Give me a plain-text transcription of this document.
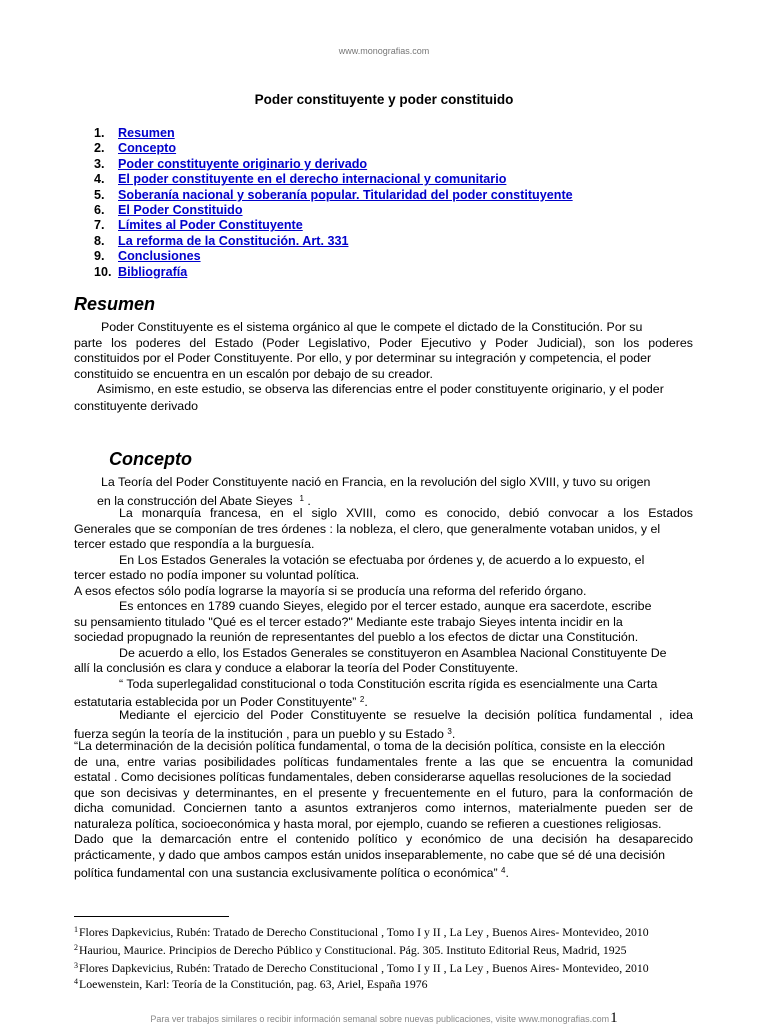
www.monografias.com
Poder constituyente y poder constituido
1. Resumen
2. Concepto
3. Poder constituyente originario y derivado
4. El poder constituyente en el derecho internacional y comunitario
5. Soberanía nacional y soberanía popular. Titularidad del poder constituyente
6. El Poder Constituido
7. Límites al Poder Constituyente
8. La reforma de la Constitución. Art. 331
9. Conclusiones
10. Bibliografía
Resumen
Poder Constituyente es el sistema orgánico al que le compete el dictado de la Constitución. Por su
parte los poderes del Estado (Poder Legislativo, Poder Ejecutivo y Poder Judicial), son los poderes
constituidos por el Poder Constituyente. Por ello, y por determinar su integración y competencia, el poder
constituido se encuentra en un escalón por debajo de su creador.
Asimismo, en este estudio, se observa las diferencias entre el poder constituyente originario, y el poder
constituyente derivado
Concepto
La Teoría del Poder Constituyente nació en Francia, en la revolución del siglo XVIII, y tuvo su origen
en la construcción del Abate Sieyes $^1$ .
La monarquía francesa, en el siglo XVIII, como es conocido, debió convocar a los Estados
Generales que se componían de tres órdenes : la nobleza, el clero, que generalmente votaban unidos, y el
tercer estado que respondía a la burguesía.
En Los Estados Generales la votación se efectuaba por órdenes y, de acuerdo a lo expuesto, el
tercer estado no podía imponer su voluntad política.
A esos efectos sólo podía lograrse la mayoría si se producía una reforma del referido órgano.
Es entonces en 1789 cuando Sieyes, elegido por el tercer estado, aunque era sacerdote, escribe
su pensamiento titulado "Qué es el tercer estado?" Mediante este trabajo Sieyes intenta incidir en la
sociedad propugnado la reunión de representantes del pueblo a los efectos de dictar una Constitución.
De acuerdo a ello, los Estados Generales se constituyeron en Asamblea Nacional Constituyente De
allí la conclusión es clara y conduce a elaborar la teoría del Poder Constituyente.
“ Toda superlegalidad constitucional o toda Constitución escrita rígida es esencialmente una Carta
estatutaria establecida por un Poder Constituyente” $^2$.
Mediante el ejercicio del Poder Constituyente se resuelve la decisión política fundamental , idea
fuerza según la teoría de la institución , para un pueblo y su Estado $^3$.
“La determinación de la decisión política fundamental, o toma de la decisión política, consiste en la elección
de una, entre varias posibilidades políticas fundamentales frente a las que se encuentra la comunidad
estatal . Como decisiones políticas fundamentales, deben considerarse aquellas resoluciones de la sociedad
que son decisivas y determinantes, en el presente y frecuentemente en el futuro, para la conformación de
dicha comunidad. Conciernen tanto a asuntos extranjeros como internos, materialmente pueden ser de
naturaleza política, socioeconómica y hasta moral, por ejemplo, cuando se refieren a cuestiones religiosas.
Dado que la demarcación entre el contenido político y económico de una decisión ha desaparecido
prácticamente, y dado que ambos campos están unidos inseparablemente, no cabe que sé dé una decisión
política fundamental con una sustancia exclusivamente política o económica” $^4$.
$^1$Flores Dapkevicius, Rubén: Tratado de Derecho Constitucional , Tomo I y II , La Ley , Buenos Aires- Montevideo, 2010
$^2$Hauriou, Maurice. Principios de Derecho Público y Constitucional. Pág. 305. Instituto Editorial Reus, Madrid, 1925
$^3$Flores Dapkevicius, Rubén: Tratado de Derecho Constitucional , Tomo I y II , La Ley , Buenos Aires- Montevideo, 2010
$^4$Loewenstein, Karl: Teoría de la Constitución, pag. 63, Ariel, España 1976
Para ver trabajos similares o recibir información semanal sobre nuevas publicaciones, visite www.monografias.com1
